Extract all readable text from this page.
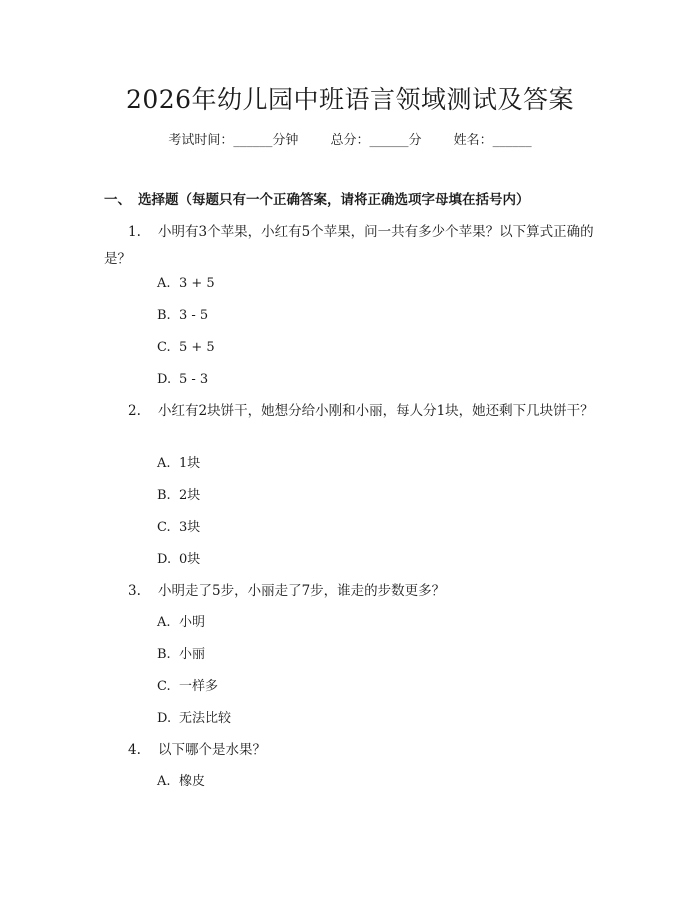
2026年幼儿园中班语言领域测试及答案
考试时间：______分钟 总分：______分 姓名：______
一、 选择题（每题只有一个正确答案，请将正确选项字母填在括号内）
1. 小明有3个苹果，小红有5个苹果，问一共有多少个苹果？以下算式正确的是？
A. 3 + 5
B. 3 - 5
C. 5 + 5
D. 5 - 3
2. 小红有2块饼干，她想分给小刚和小丽，每人分1块，她还剩下几块饼干？
A. 1块
B. 2块
C. 3块
D. 0块
3. 小明走了5步，小丽走了7步，谁走的步数更多？
A. 小明
B. 小丽
C. 一样多
D. 无法比较
4. 以下哪个是水果？
A. 橡皮
